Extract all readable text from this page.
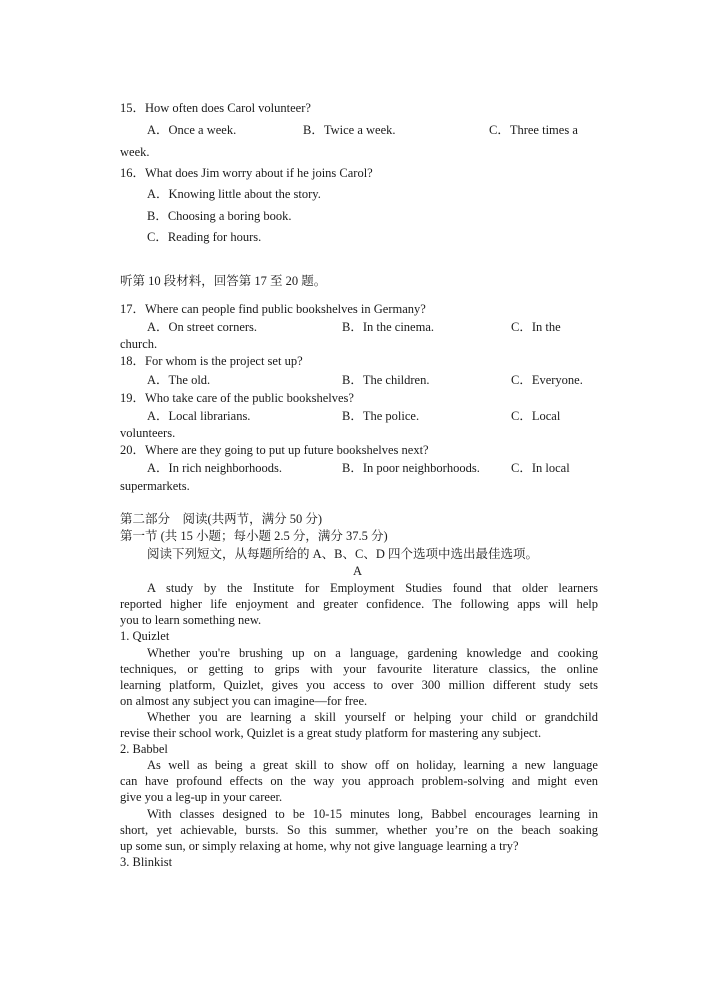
15．How often does Carol volunteer?
A．Once a week.	B．Twice a week.	C．Three times a
week.
16．What does Jim worry about if he joins Carol?
A．Knowing little about the story.
B．Choosing a boring book.
C．Reading for hours.
听第 10 段材料，回答第 17 至 20 题。
17．Where can people find public bookshelves in Germany?
A．On street corners.	B．In the cinema.	C．In the
church.
18．For whom is the project set up?
A．The old.	B．The children.	C．Everyone.
19．Who take care of the public bookshelves?
A．Local librarians.	B．The police.	C．Local
volunteers.
20．Where are they going to put up future bookshelves next?
A．In rich neighborhoods.	B．In poor neighborhoods. C．In local
supermarkets.
第二部分　阅读(共两节，满分 50 分)
第一节 (共 15 小题；每小题 2.5 分，满分 37.5 分)
阅读下列短文，从每题所给的 A、B、C、D 四个选项中选出最佳选项。
A
A study by the Institute for Employment Studies found that older learners
reported higher life enjoyment and greater confidence. The following apps will help
you to learn something new.
1. Quizlet
Whether you're brushing up on a language, gardening knowledge and cooking
techniques, or getting to grips with your favourite literature classics, the online
learning platform, Quizlet, gives you access to over 300 million different study sets
on almost any subject you can imagine—for free.
Whether you are learning a skill yourself or helping your child or grandchild
revise their school work, Quizlet is a great study platform for mastering any subject.
2. Babbel
As well as being a great skill to show off on holiday, learning a new language
can have profound effects on the way you approach problem-solving and might even
give you a leg-up in your career.
With classes designed to be 10-15 minutes long, Babbel encourages learning in
short, yet achievable, bursts. So this summer, whether you’re on the beach soaking
up some sun, or simply relaxing at home, why not give language learning a try?
3. Blinkist
